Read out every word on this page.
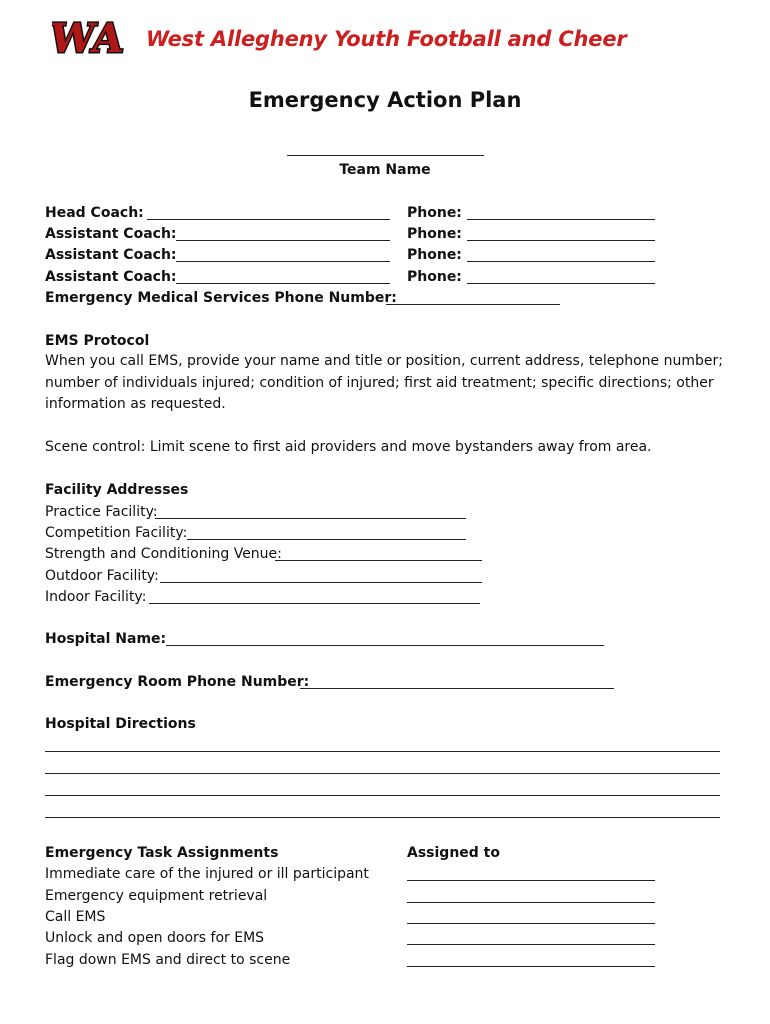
WA West Allegheny Youth Football and Cheer
Emergency Action Plan
Team Name
Head Coach:	Phone:
Assistant Coach:	Phone:
Assistant Coach:	Phone:
Assistant Coach:	Phone:
Emergency Medical Services Phone Number:
EMS Protocol
When you call EMS, provide your name and title or position, current address, telephone number; number of individuals injured; condition of injured; first aid treatment; specific directions; other information as requested.
Scene control: Limit scene to first aid providers and move bystanders away from area.
Facility Addresses
Practice Facility:
Competition Facility:
Strength and Conditioning Venue:
Outdoor Facility:
Indoor Facility:
Hospital Name:
Emergency Room Phone Number:
Hospital Directions
Emergency Task Assignments	Assigned to
Immediate care of the injured or ill participant
Emergency equipment retrieval
Call EMS
Unlock and open doors for EMS
Flag down EMS and direct to scene
